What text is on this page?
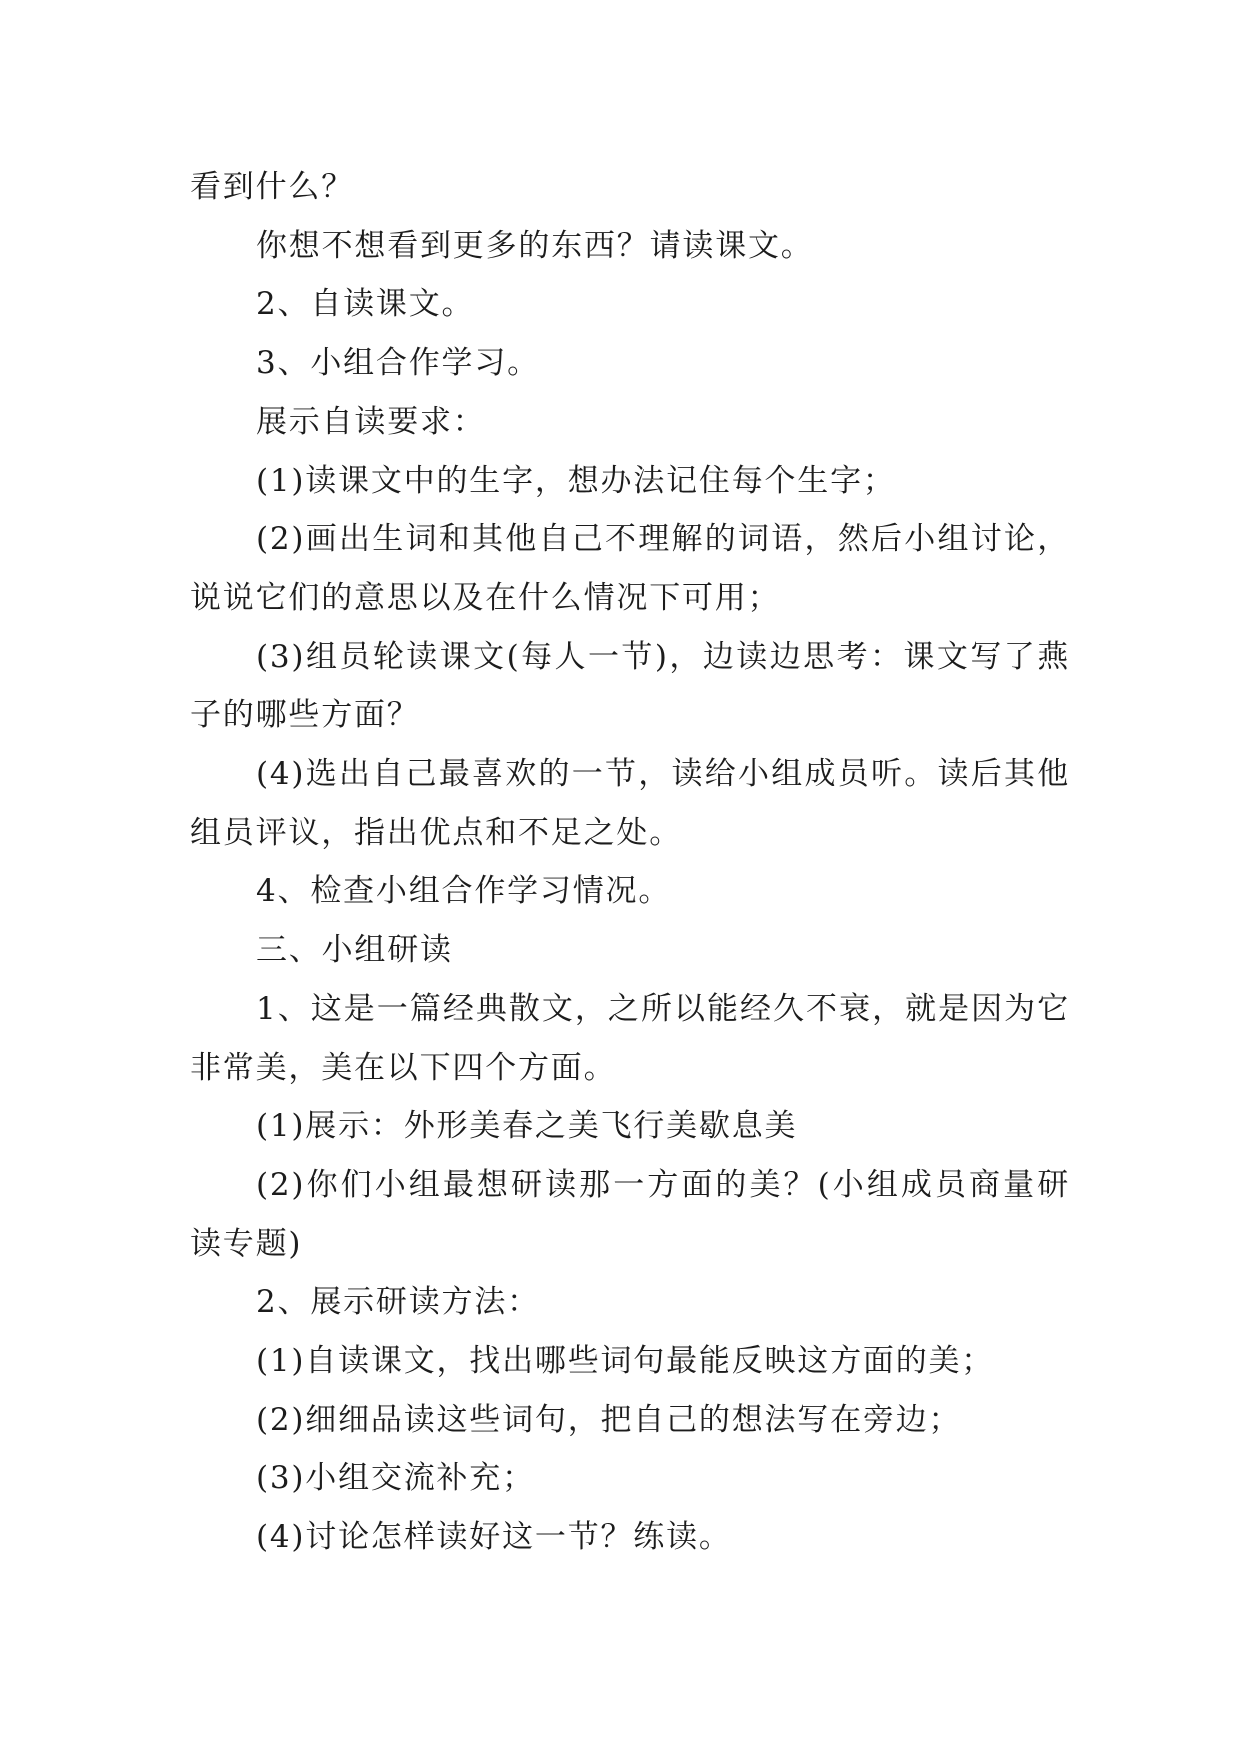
看到什么？

你想不想看到更多的东西？请读课文。

2、自读课文。

3、小组合作学习。

展示自读要求：

(1)读课文中的生字，想办法记住每个生字；

(2)画出生词和其他自己不理解的词语，然后小组讨论，说说它们的意思以及在什么情况下可用；

(3)组员轮读课文(每人一节)，边读边思考：课文写了燕子的哪些方面？

(4)选出自己最喜欢的一节，读给小组成员听。读后其他组员评议，指出优点和不足之处。

4、检查小组合作学习情况。

三、小组研读

1、这是一篇经典散文，之所以能经久不衰，就是因为它非常美，美在以下四个方面。

(1)展示：外形美春之美飞行美歇息美

(2)你们小组最想研读那一方面的美？(小组成员商量研读专题)

2、展示研读方法：

(1)自读课文，找出哪些词句最能反映这方面的美；

(2)细细品读这些词句，把自己的想法写在旁边；

(3)小组交流补充；

(4)讨论怎样读好这一节？练读。
